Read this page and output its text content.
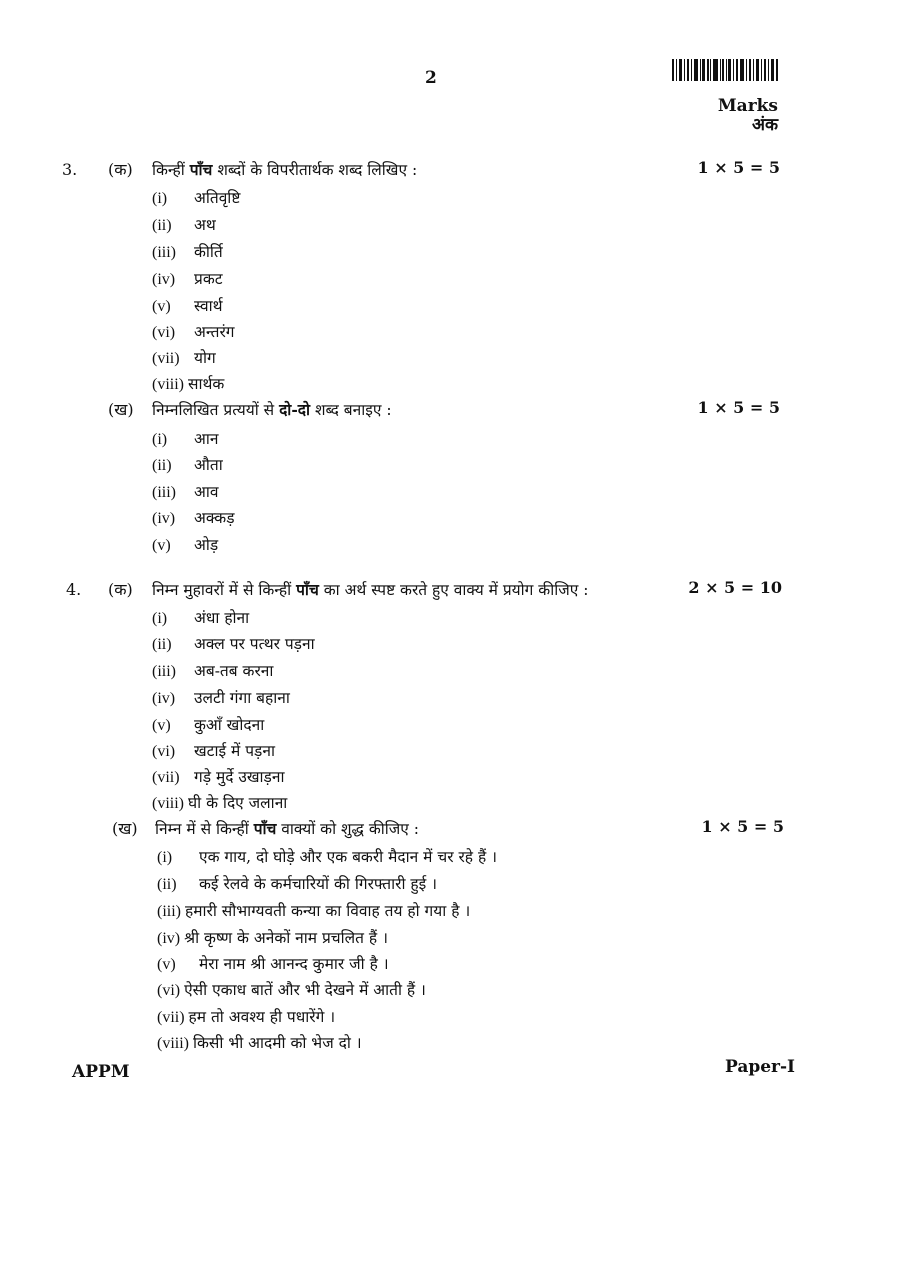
2
Marks
अंक
3. (क) किन्हीं पाँच शब्दों के विपरीतार्थक शब्द लिखिए :	1 × 5 = 5
(i) अतिवृष्टि
(ii) अथ
(iii) कीर्ति
(iv) प्रकट
(v) स्वार्थ
(vi) अन्तरंग
(vii) योग
(viii) सार्थक
(ख) निम्नलिखित प्रत्ययों से दो-दो शब्द बनाइए :	1 × 5 = 5
(i) आन
(ii) औता
(iii) आव
(iv) अक्कड़
(v) ओड़
4. (क) निम्न मुहावरों में से किन्हीं पाँच का अर्थ स्पष्ट करते हुए वाक्य में प्रयोग कीजिए :	2 × 5 = 10
(i) अंधा होना
(ii) अक्ल पर पत्थर पड़ना
(iii) अब-तब करना
(iv) उलटी गंगा बहाना
(v) कुआँ खोदना
(vi) खटाई में पड़ना
(vii) गड़े मुर्दे उखाड़ना
(viii) घी के दिए जलाना
(ख) निम्न में से किन्हीं पाँच वाक्यों को शुद्ध कीजिए :	1 × 5 = 5
(i) एक गाय, दो घोड़े और एक बकरी मैदान में चर रहे हैं ।
(ii) कई रेलवे के कर्मचारियों की गिरफ्तारी हुई ।
(iii) हमारी सौभाग्यवती कन्या का विवाह तय हो गया है ।
(iv) श्री कृष्ण के अनेकों नाम प्रचलित हैं ।
(v) मेरा नाम श्री आनन्द कुमार जी है ।
(vi) ऐसी एकाध बातें और भी देखने में आती हैं ।
(vii) हम तो अवश्य ही पधारेंगे ।
(viii) किसी भी आदमी को भेज दो ।
APPM	Paper-I
